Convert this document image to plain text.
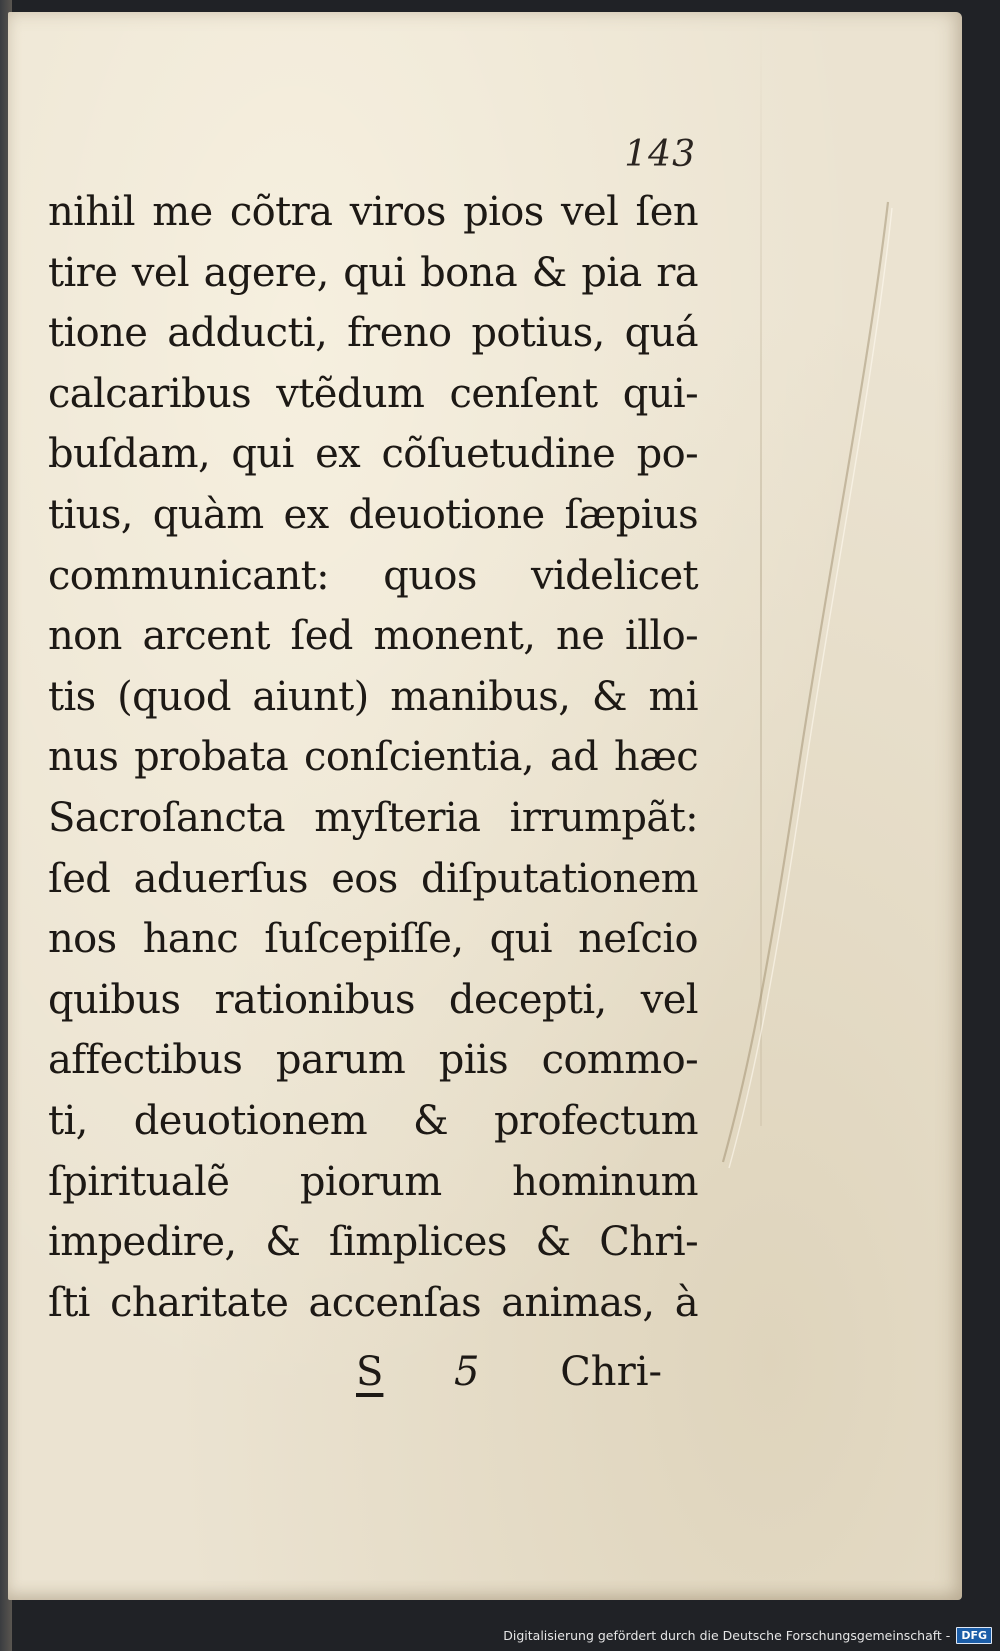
143
nihil me cõtra viros pios vel ſen
tire vel agere, qui bona & pia ra
tione adducti, freno potius, quá
calcaribus vtẽdum cenſent qui-
buſdam, qui ex cõſuetudine po-
tius, quàm ex deuotione ſæpius
communicant: quos videlicet
non arcent ſed monent, ne illo-
tis (quod aiunt) manibus, & mi
nus probata conſcientia, ad hæc
Sacroſancta myſteria irrumpãt:
ſed aduerſus eos diſputationem
nos hanc ſuſcepiſſe, qui neſcio
quibus rationibus decepti, vel
affectibus parum piis commo-
ti, deuotionem & profectum
ſpiritualẽ piorum hominum
impedire, & ſimplices & Chri-
ſti charitate accenſas animas, à
S 5 Chri-
Digitalisierung gefördert durch die Deutsche Forschungsgemeinschaft -	DFG
